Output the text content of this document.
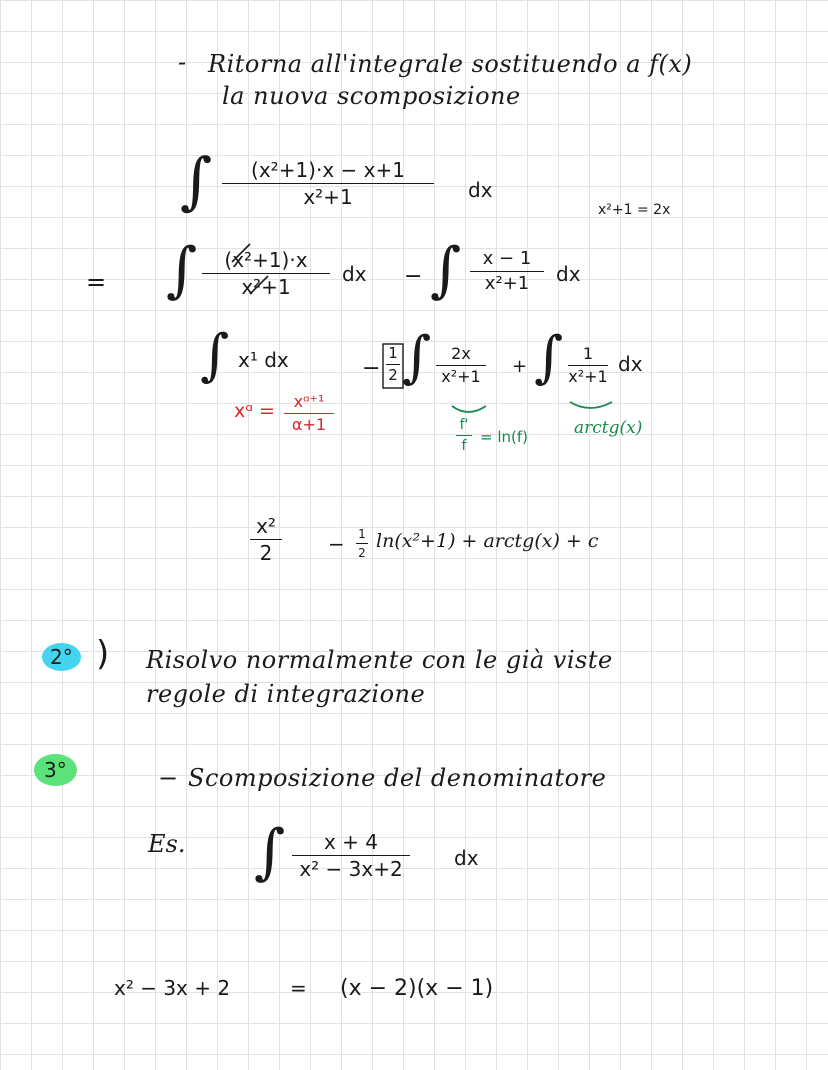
- Ritorna all'integrale sostituendo a f(x)
la nuova scomposizione
∫ (x²+1)·x − x+1
x²+1	dx
x²+1 = 2x
= ∫ (x²+1)·x
x²+1
dx − ∫ x − 1
x²+1 dx
∫ x¹ dx	−
1
2 ∫ 2x
x²+1 + ∫ 1
x²+1
dx
xᵅ = xᵅ⁺¹
α+1	f'
f = ln(f)	arctg(x)
x²
2	− 1
2
ln(x²+1) + arctg(x) + c
2° ) Risolvo normalmente con le già viste
regole di integrazione
3°	− Scomposizione del denominatore
Es. ∫ x + 4
x² − 3x+2	dx
x² − 3x + 2	= (x − 2)(x − 1)
